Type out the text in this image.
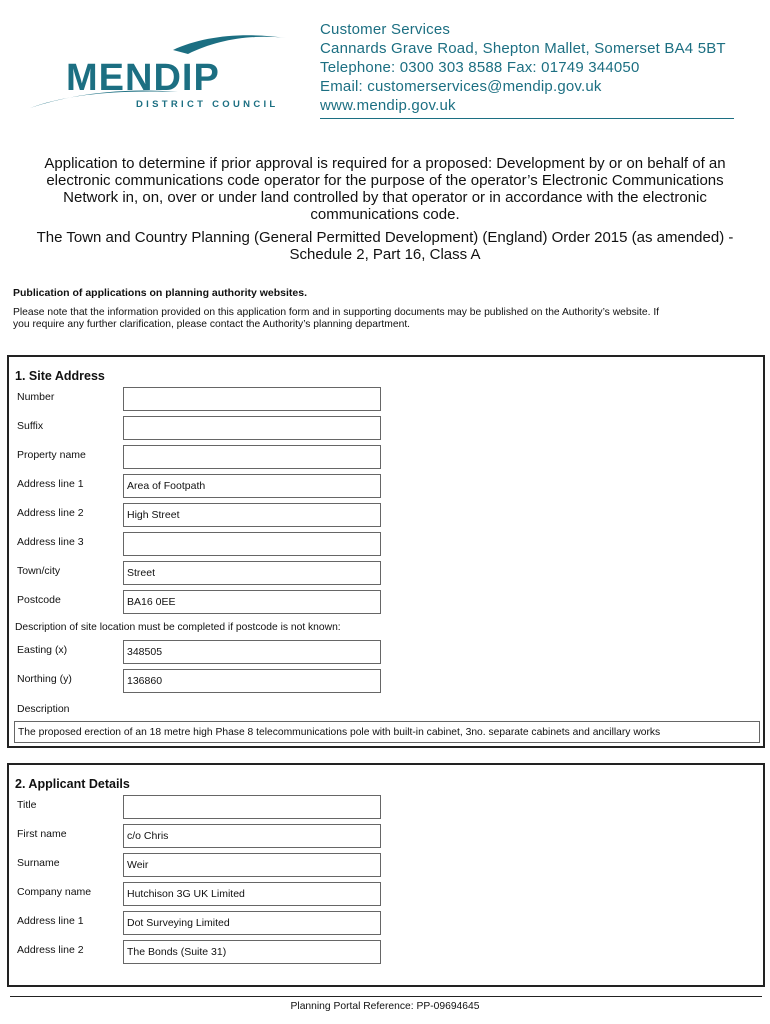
MENDIP
DISTRICT COUNCIL
Customer Services
Cannards Grave Road, Shepton Mallet, Somerset BA4 5BT
Telephone: 0300 303 8588 Fax: 01749 344050
Email: customerservices@mendip.gov.uk
www.mendip.gov.uk
Application to determine if prior approval is required for a proposed: Development by or on behalf of an
electronic communications code operator for the purpose of the operator’s Electronic Communications
Network in, on, over or under land controlled by that operator or in accordance with the electronic
communications code.
The Town and Country Planning (General Permitted Development) (England) Order 2015 (as amended) -
Schedule 2, Part 16, Class A
Publication of applications on planning authority websites.
Please note that the information provided on this application form and in supporting documents may be published on the Authority’s website. If
you require any further clarification, please contact the Authority’s planning department.
1. Site Address
Number
Suffix
Property name
Address line 1	Area of Footpath
Address line 2	High Street
Address line 3
Town/city	Street
Postcode	BA16 0EE
Description of site location must be completed if postcode is not known:
Easting (x)	348505
Northing (y)	136860
Description
The proposed erection of an 18 metre high Phase 8 telecommunications pole with built-in cabinet, 3no. separate cabinets and ancillary works
2. Applicant Details
Title
First name	c/o Chris
Surname	Weir
Company name	Hutchison 3G UK Limited
Address line 1	Dot Surveying Limited
Address line 2	The Bonds (Suite 31)
Planning Portal Reference: PP-09694645
